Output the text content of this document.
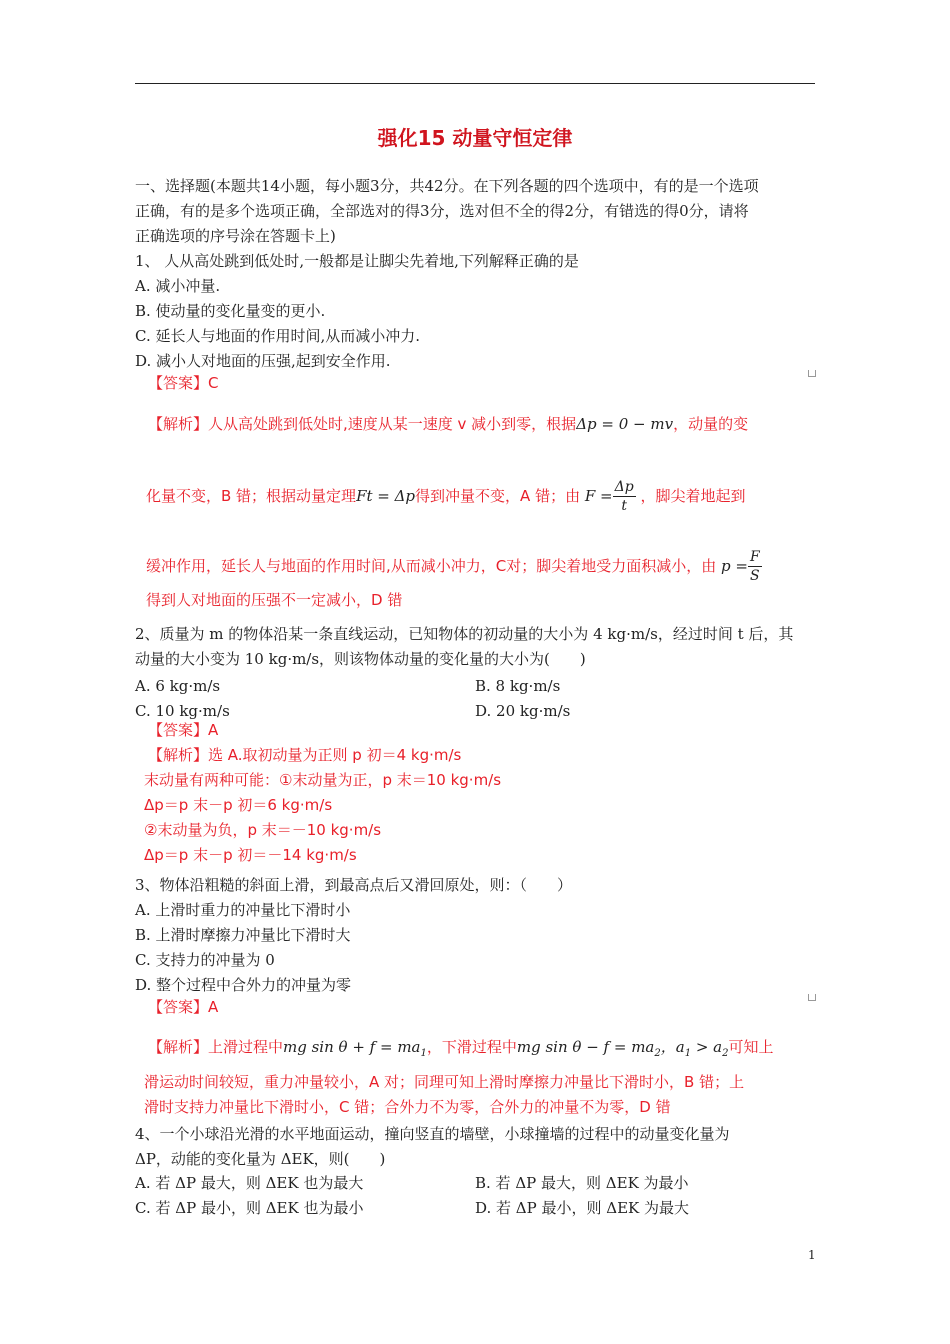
强化15 动量守恒定律
一、选择题(本题共14小题，每小题3分，共42分。在下列各题的四个选项中，有的是一个选项
正确，有的是多个选项正确，全部选对的得3分，选对但不全的得2分，有错选的得0分，请将
正确选项的序号涂在答题卡上)
1、 人从高处跳到低处时,一般都是让脚尖先着地,下列解释正确的是
A. 减小冲量.
B. 使动量的变化量变的更小.
C. 延长人与地面的作用时间,从而减小冲力.
D. 减小人对地面的压强,起到安全作用.
【答案】C
【解析】人从高处跳到低处时,速度从某一速度 v 减小到零，根据Δp = 0 − mv，动量的变
化量不变，B 错；根据动量定理Ft = Δp得到冲量不变，A 错；由 $F = \frac{\Delta p}{t}$ ，脚尖着地起到
缓冲作用，延长人与地面的作用时间,从而减小冲力，C对；脚尖着地受力面积减小，由 $p = \frac{F}{S}$
得到人对地面的压强不一定减小，D 错
2、质量为 m 的物体沿某一条直线运动，已知物体的初动量的大小为 4 kg·m/s，经过时间 t 后，其
动量的大小变为 10 kg·m/s，则该物体动量的变化量的大小为(　　)
A. 6 kg·m/s	B. 8 kg·m/s
C. 10 kg·m/s	D. 20 kg·m/s
【答案】A
【解析】选 A.取初动量为正则 p 初＝4 kg·m/s
末动量有两种可能：①末动量为正，p 末＝10 kg·m/s
Δp＝p 末－p 初＝6 kg·m/s
②末动量为负，p 末＝－10 kg·m/s
Δp＝p 末－p 初＝－14 kg·m/s
3、物体沿粗糙的斜面上滑，到最高点后又滑回原处，则：（　　）
A. 上滑时重力的冲量比下滑时小
B. 上滑时摩擦力冲量比下滑时大
C. 支持力的冲量为 0
D. 整个过程中合外力的冲量为零
【答案】A
【解析】上滑过程中mg $\sin \theta + f = ma_1$，下滑过程中mg $\sin \theta - f = ma_2$，$a_1 > a_2$可知上
滑运动时间较短，重力冲量较小，A 对；同理可知上滑时摩擦力冲量比下滑时小，B 错；上
滑时支持力冲量比下滑时小，C 错；合外力不为零，合外力的冲量不为零，D 错
4、一个小球沿光滑的水平地面运动，撞向竖直的墙壁，小球撞墙的过程中的动量变化量为
ΔP，动能的变化量为 ΔEK，则(　　)
A. 若 ΔP 最大，则 ΔEK 也为最大	B. 若 ΔP 最大，则 ΔEK 为最小
C. 若 ΔP 最小，则 ΔEK 也为最小	D. 若 ΔP 最小，则 ΔEK 为最大
1
